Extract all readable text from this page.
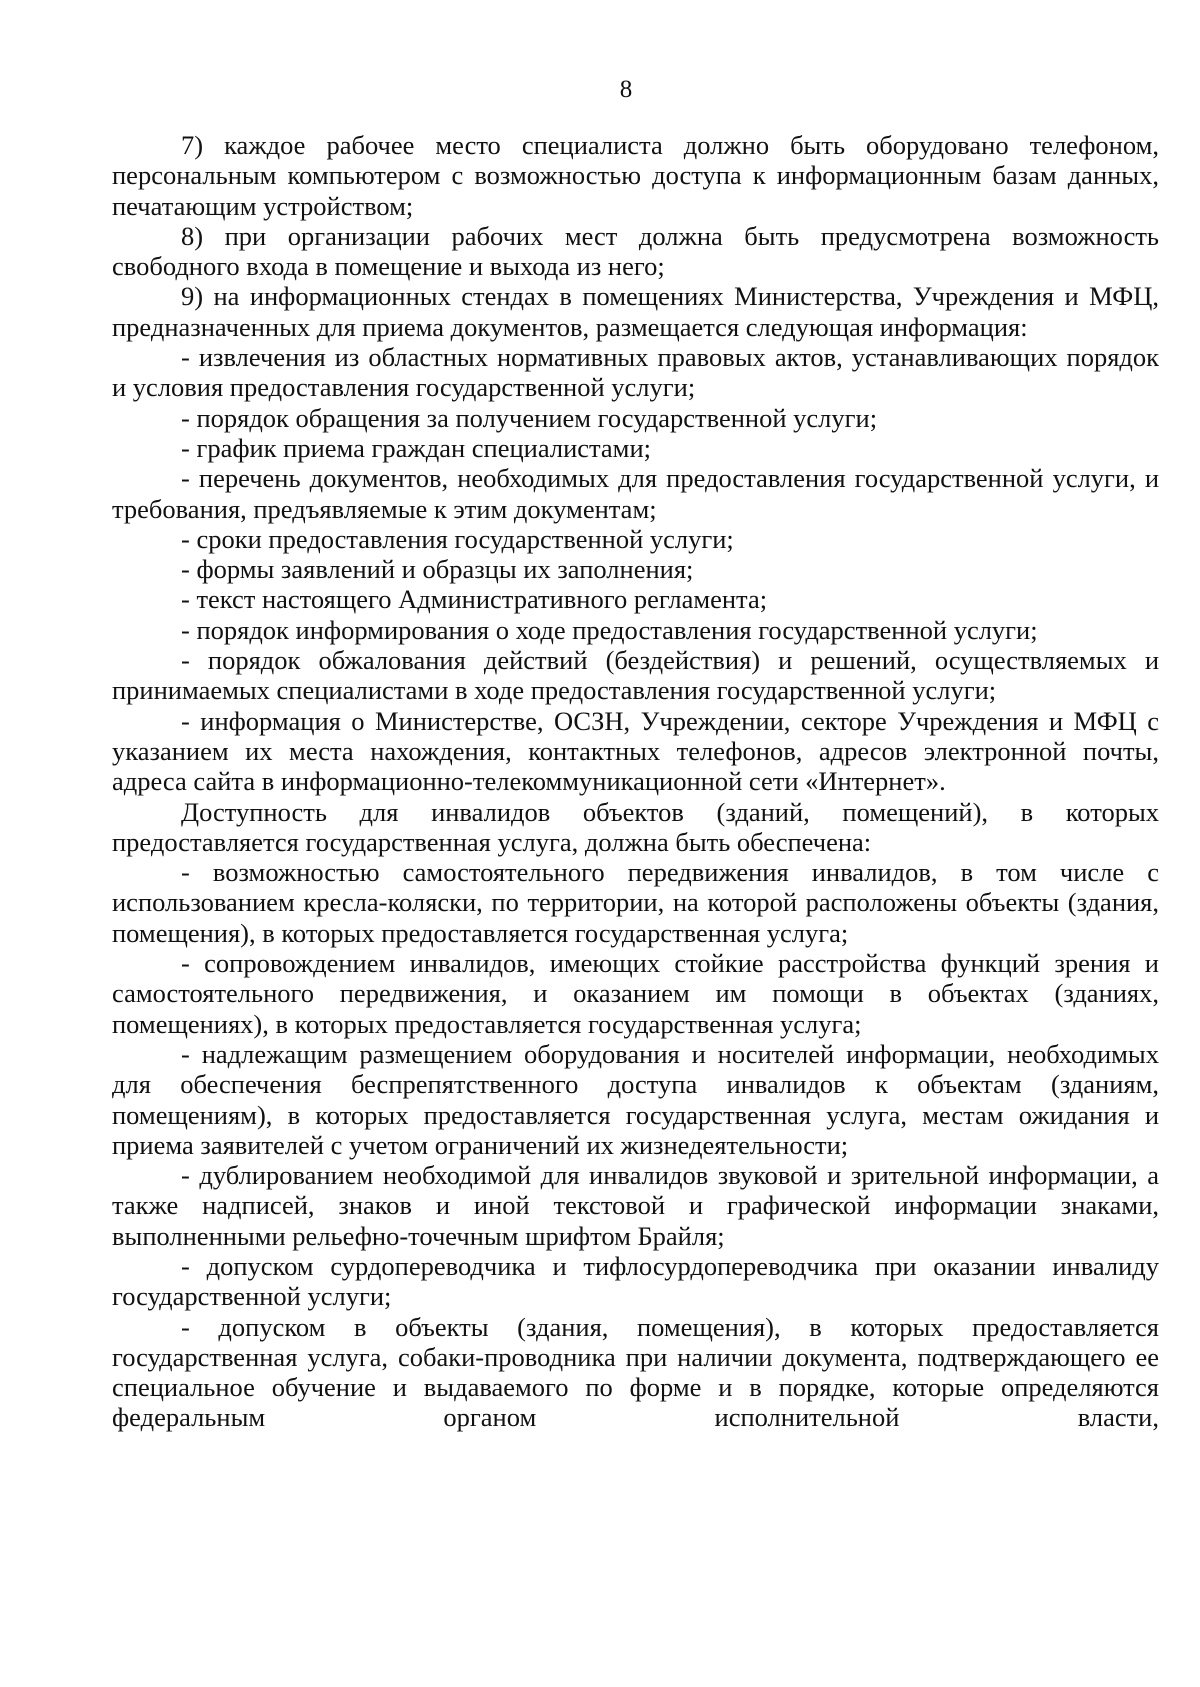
8

7) каждое рабочее место специалиста должно быть оборудовано телефоном, персональным компьютером с возможностью доступа к информационным базам данных, печатающим устройством;

8) при организации рабочих мест должна быть предусмотрена возможность свободного входа в помещение и выхода из него;

9) на информационных стендах в помещениях Министерства, Учреждения и МФЦ, предназначенных для приема документов, размещается следующая информация:

- извлечения из областных нормативных правовых актов, устанавливающих порядок и условия предоставления государственной услуги;

- порядок обращения за получением государственной услуги;

- график приема граждан специалистами;

- перечень документов, необходимых для предоставления государственной услуги, и требования, предъявляемые к этим документам;

- сроки предоставления государственной услуги;

- формы заявлений и образцы их заполнения;

- текст настоящего Административного регламента;

- порядок информирования о ходе предоставления государственной услуги;

- порядок обжалования действий (бездействия) и решений, осуществляемых и принимаемых специалистами в ходе предоставления государственной услуги;

- информация о Министерстве, ОСЗН, Учреждении, секторе Учреждения и МФЦ с указанием их места нахождения, контактных телефонов, адресов электронной почты, адреса сайта в информационно-телекоммуникационной сети «Интернет».

Доступность для инвалидов объектов (зданий, помещений), в которых предоставляется государственная услуга, должна быть обеспечена:

- возможностью самостоятельного передвижения инвалидов, в том числе с использованием кресла-коляски, по территории, на которой расположены объекты (здания, помещения), в которых предоставляется государственная услуга;

- сопровождением инвалидов, имеющих стойкие расстройства функций зрения и самостоятельного передвижения, и оказанием им помощи в объектах (зданиях, помещениях), в которых предоставляется государственная услуга;

- надлежащим размещением оборудования и носителей информации, необходимых для обеспечения беспрепятственного доступа инвалидов к объектам (зданиям, помещениям), в которых предоставляется государственная услуга, местам ожидания и приема заявителей с учетом ограничений их жизнедеятельности;

- дублированием необходимой для инвалидов звуковой и зрительной информации, а также надписей, знаков и иной текстовой и графической информации знаками, выполненными рельефно-точечным шрифтом Брайля;

- допуском сурдопереводчика и тифлосурдопереводчика при оказании инвалиду государственной услуги;

- допуском в объекты (здания, помещения), в которых предоставляется государственная услуга, собаки-проводника при наличии документа, подтверждающего ее специальное обучение и выдаваемого по форме и в порядке, которые определяются федеральным органом исполнительной власти,
